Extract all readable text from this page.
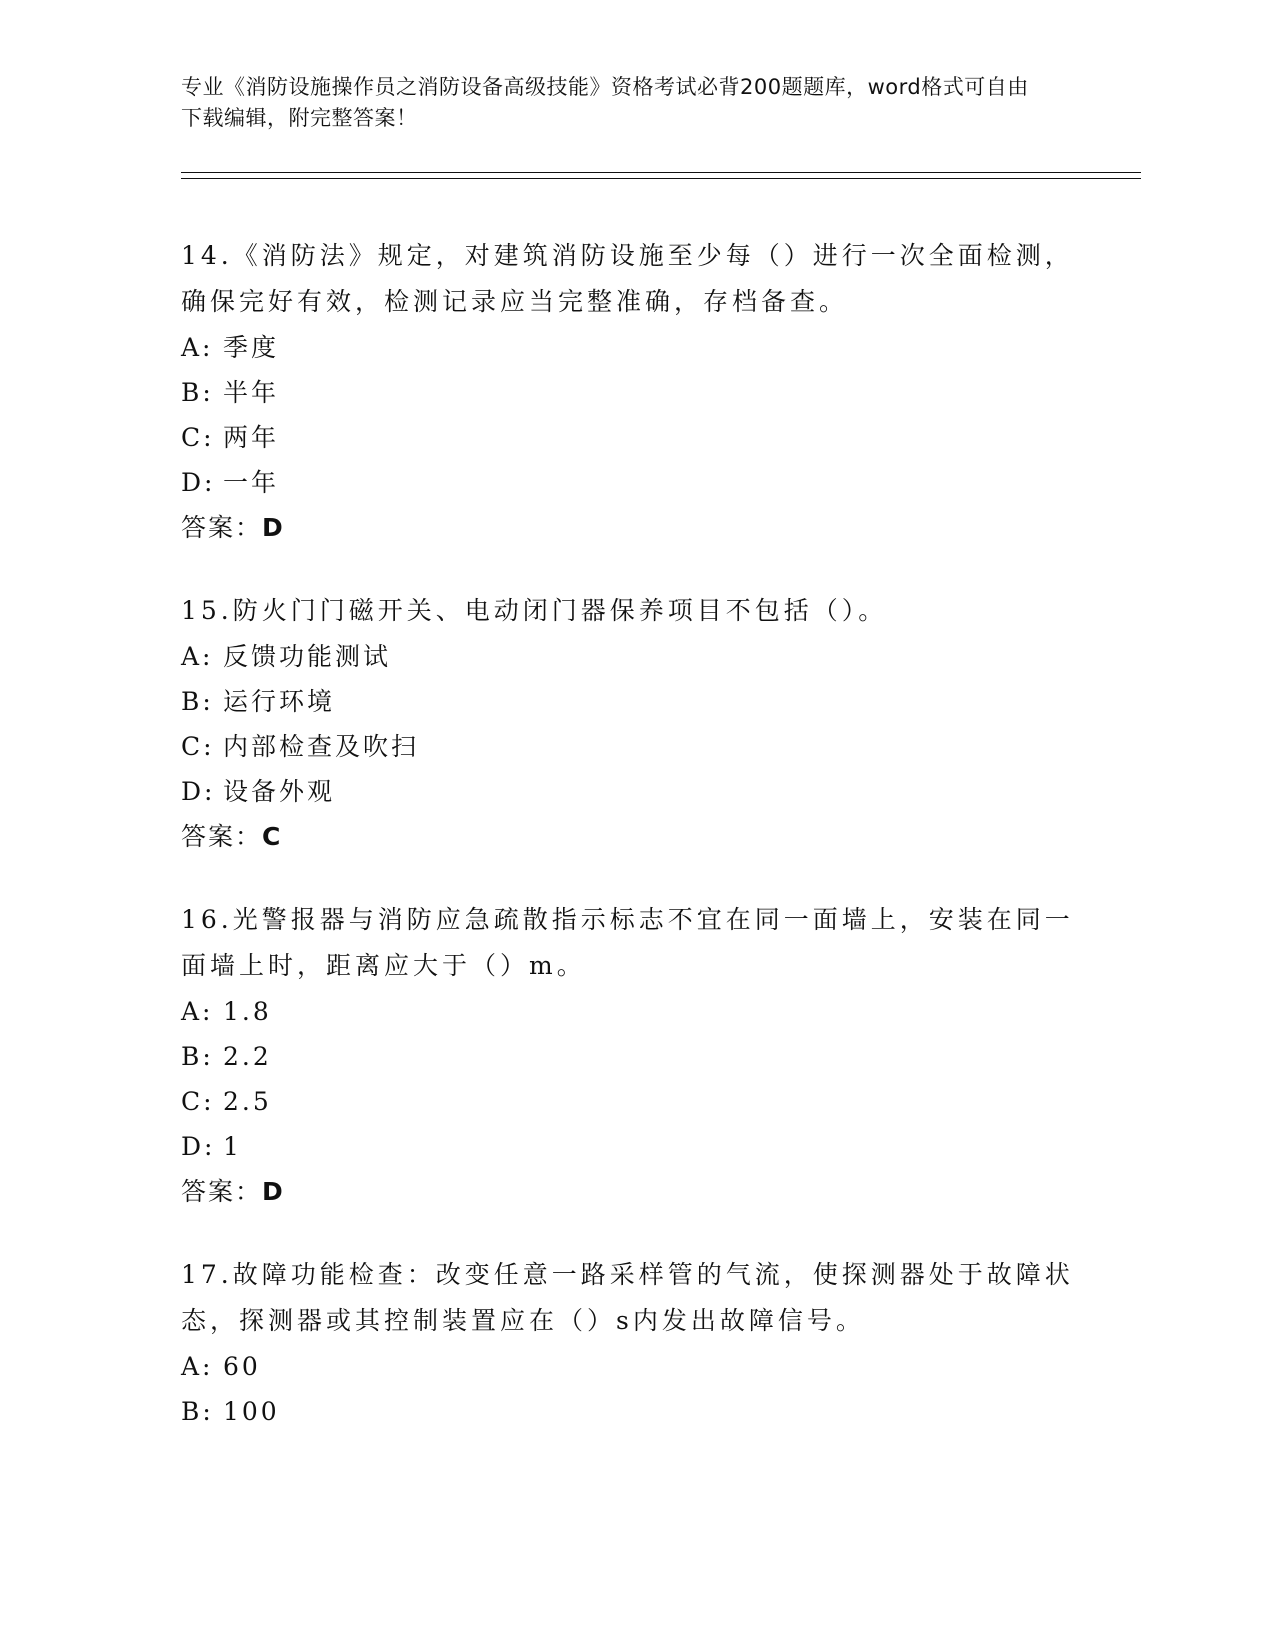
专业《消防设施操作员之消防设备高级技能》资格考试必背200题题库，word格式可自由下载编辑，附完整答案！

14.《消防法》规定，对建筑消防设施至少每（）进行一次全面检测，确保完好有效，检测记录应当完整准确，存档备查。

A: 季度
B: 半年
C: 两年
D: 一年
答案：D

15.防火门门磁开关、电动闭门器保养项目不包括（）。

A: 反馈功能测试
B: 运行环境
C: 内部检查及吹扫
D: 设备外观
答案：C

16.光警报器与消防应急疏散指示标志不宜在同一面墙上，安装在同一面墙上时，距离应大于（）m。

A: 1.8
B: 2.2
C: 2.5
D: 1
答案：D

17.故障功能检查：改变任意一路采样管的气流，使探测器处于故障状态，探测器或其控制装置应在（）s内发出故障信号。

A: 60
B: 100
